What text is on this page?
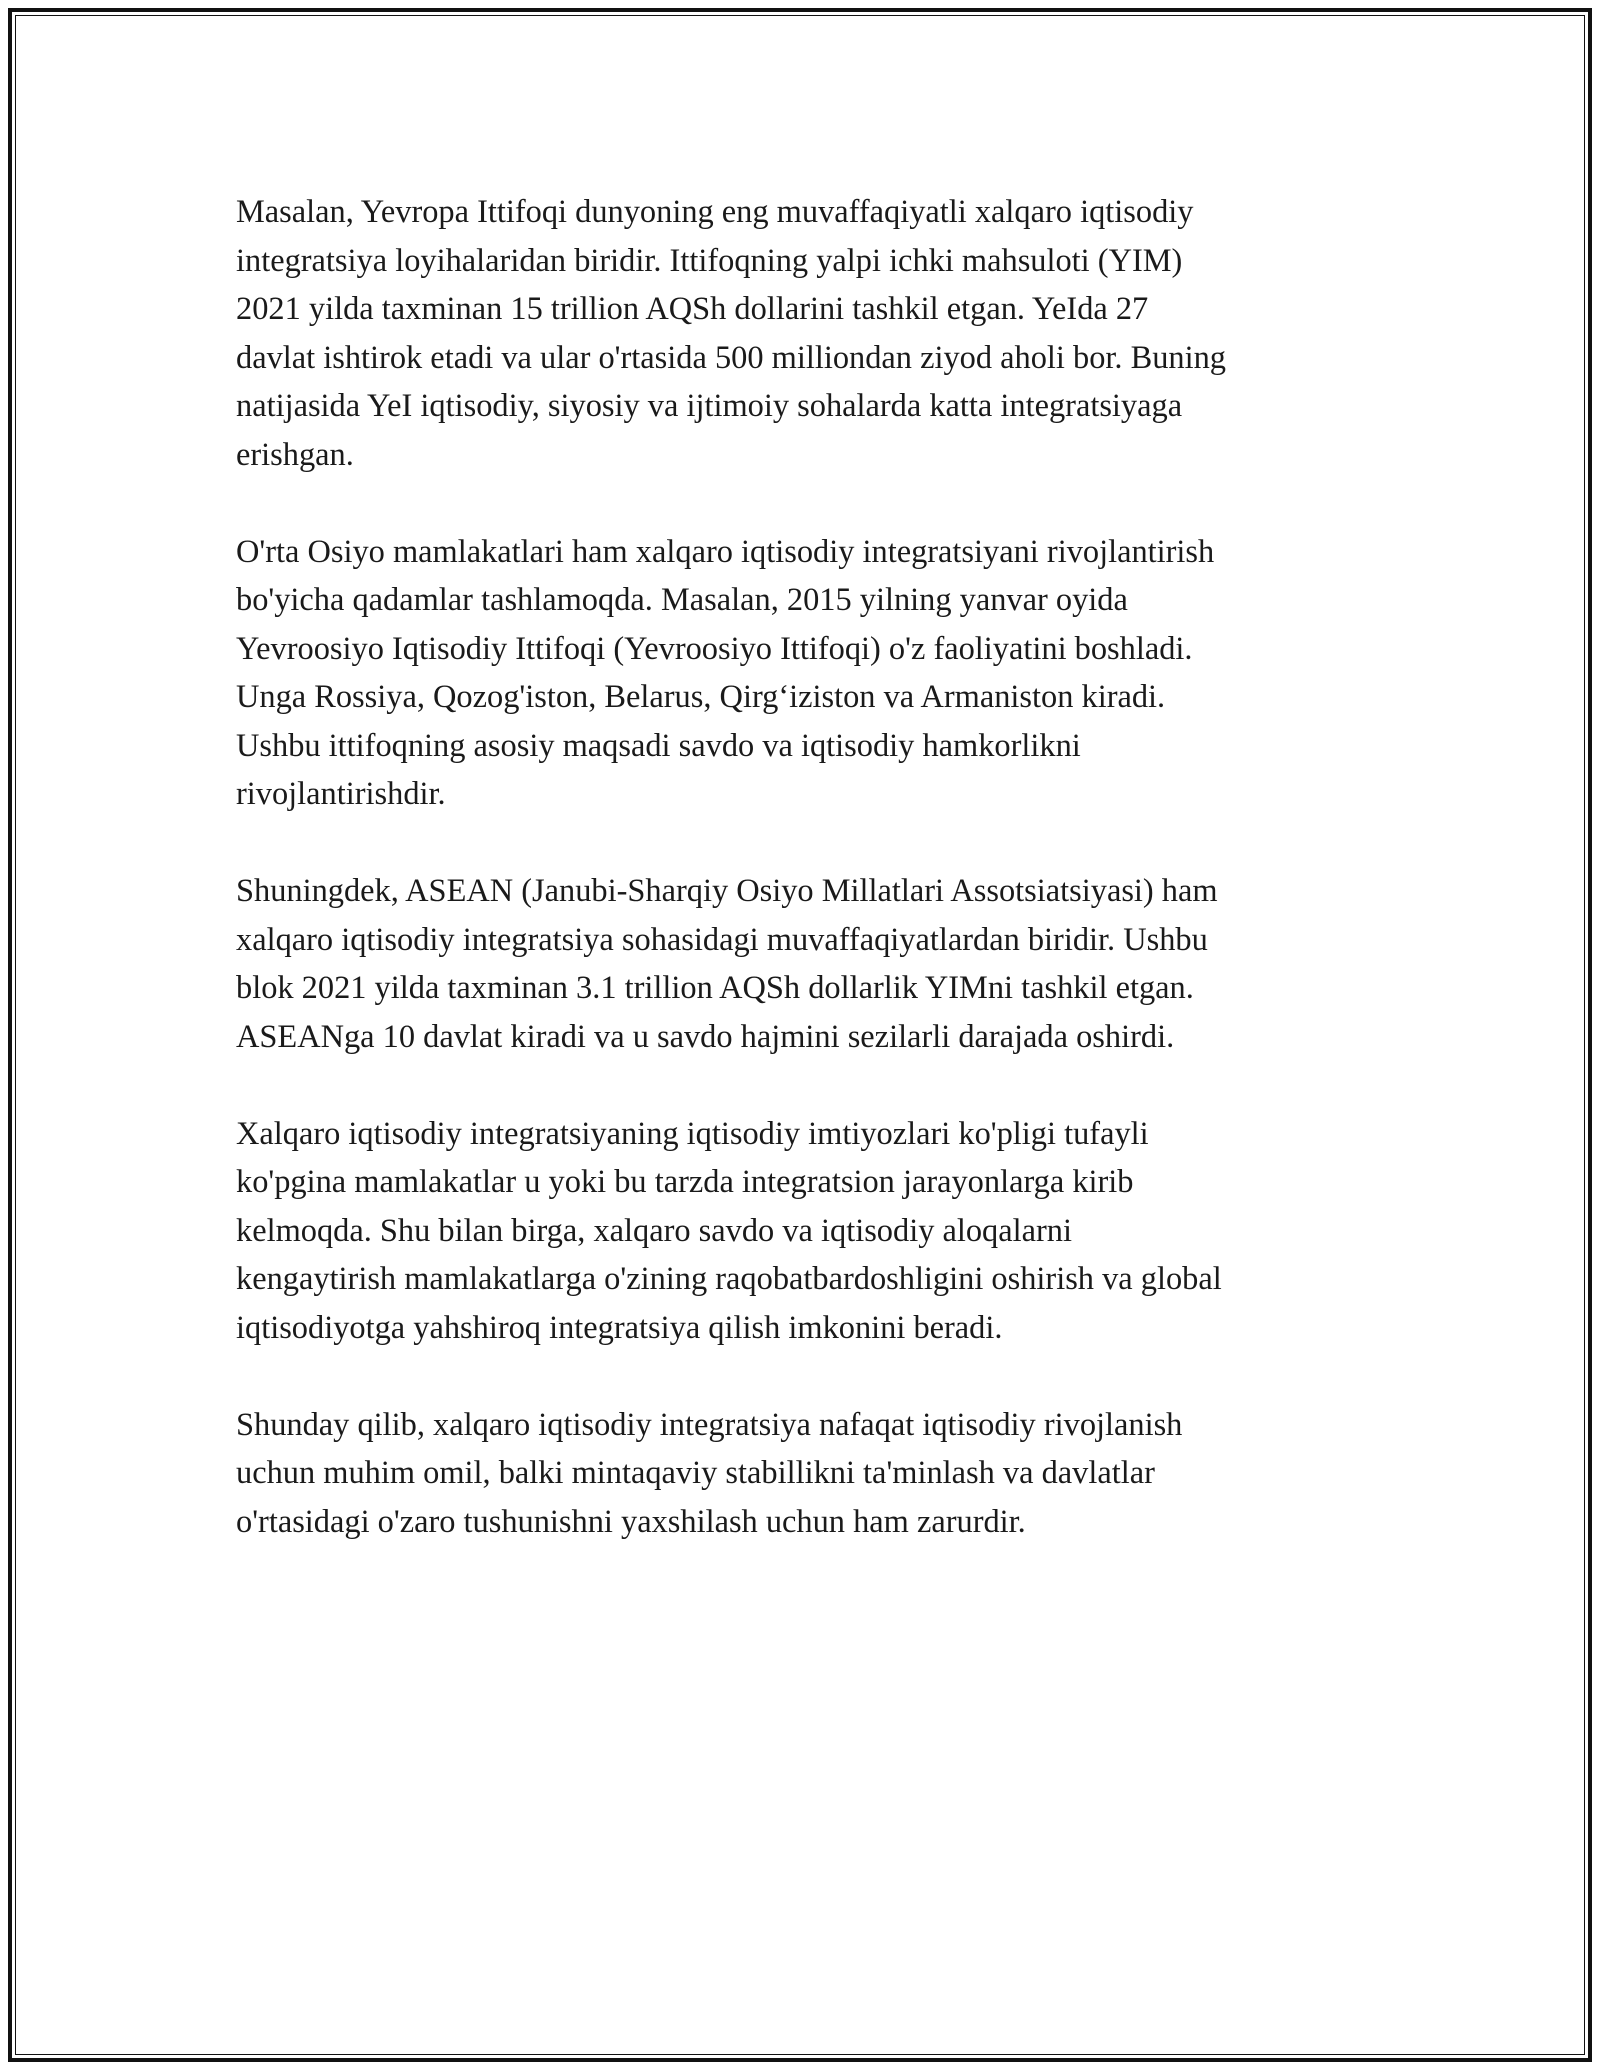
Masalan, Yevropa Ittifoqi dunyoning eng muvaffaqiyatli xalqaro iqtisodiy
integratsiya loyihalaridan biridir. Ittifoqning yalpi ichki mahsuloti (YIM)
2021 yilda taxminan 15 trillion AQSh dollarini tashkil etgan. YeIda 27
davlat ishtirok etadi va ular o'rtasida 500 milliondan ziyod aholi bor. Buning
natijasida YeI iqtisodiy, siyosiy va ijtimoiy sohalarda katta integratsiyaga
erishgan.

O'rta Osiyo mamlakatlari ham xalqaro iqtisodiy integratsiyani rivojlantirish
bo'yicha qadamlar tashlamoqda. Masalan, 2015 yilning yanvar oyida
Yevroosiyo Iqtisodiy Ittifoqi (Yevroosiyo Ittifoqi) o'z faoliyatini boshladi.
Unga Rossiya, Qozog'iston, Belarus, Qirg‘iziston va Armaniston kiradi.
Ushbu ittifoqning asosiy maqsadi savdo va iqtisodiy hamkorlikni
rivojlantirishdir.

Shuningdek, ASEAN (Janubi-Sharqiy Osiyo Millatlari Assotsiatsiyasi) ham
xalqaro iqtisodiy integratsiya sohasidagi muvaffaqiyatlardan biridir. Ushbu
blok 2021 yilda taxminan 3.1 trillion AQSh dollarlik YIMni tashkil etgan.
ASEANga 10 davlat kiradi va u savdo hajmini sezilarli darajada oshirdi.

Xalqaro iqtisodiy integratsiyaning iqtisodiy imtiyozlari ko'pligi tufayli
ko'pgina mamlakatlar u yoki bu tarzda integratsion jarayonlarga kirib
kelmoqda. Shu bilan birga, xalqaro savdo va iqtisodiy aloqalarni
kengaytirish mamlakatlarga o'zining raqobatbardoshligini oshirish va global
iqtisodiyotga yahshiroq integratsiya qilish imkonini beradi.

Shunday qilib, xalqaro iqtisodiy integratsiya nafaqat iqtisodiy rivojlanish
uchun muhim omil, balki mintaqaviy stabillikni ta'minlash va davlatlar
o'rtasidagi o'zaro tushunishni yaxshilash uchun ham zarurdir.
